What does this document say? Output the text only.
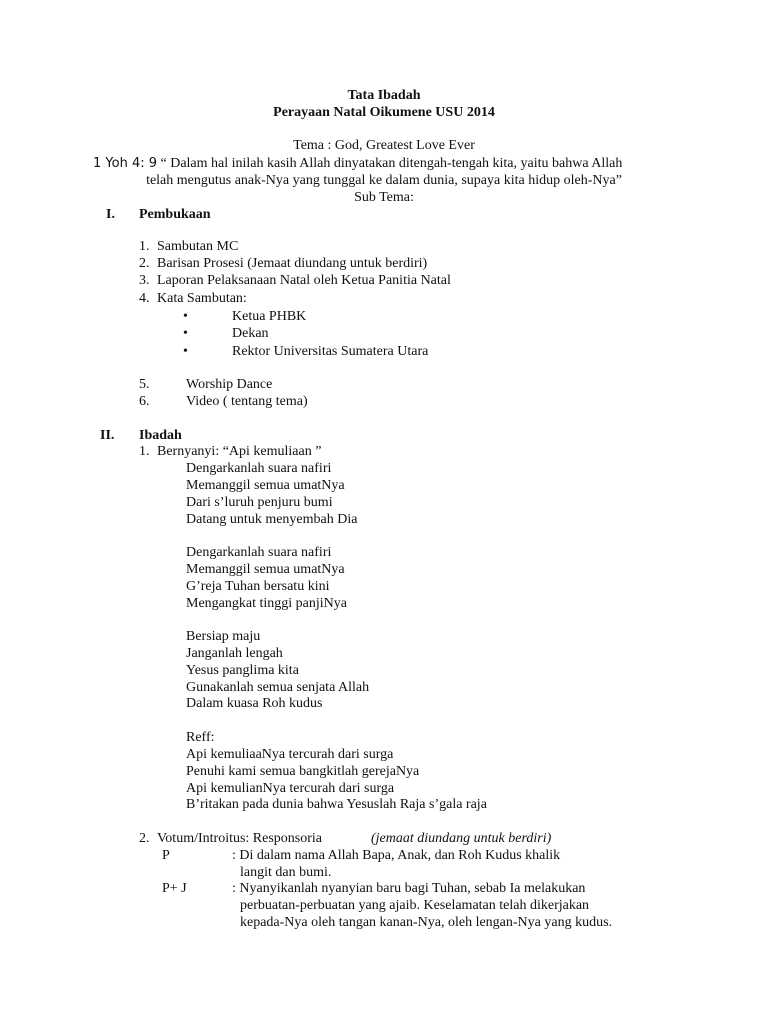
Tata Ibadah
Perayaan Natal Oikumene USU 2014
Tema : God, Greatest Love Ever
1 Yoh 4: 9 “ Dalam hal inilah kasih Allah dinyatakan ditengah-tengah kita, yaitu bahwa Allah
telah mengutus anak-Nya yang tunggal ke dalam dunia, supaya kita hidup oleh-Nya”
Sub Tema:
I. Pembukaan
1. Sambutan MC
2. Barisan Prosesi (Jemaat diundang untuk berdiri)
3. Laporan Pelaksanaan Natal oleh Ketua Panitia Natal
4. Kata Sambutan:
•	Ketua PHBK
•	Dekan
•	Rektor Universitas Sumatera Utara
5.	Worship Dance
6.	Video ( tentang tema)
II. Ibadah
1. Bernyanyi: “Api kemuliaan ”
Dengarkanlah suara nafiri
Memanggil semua umatNya
Dari s’luruh penjuru bumi
Datang untuk menyembah Dia
Dengarkanlah suara nafiri
Memanggil semua umatNya
G’reja Tuhan bersatu kini
Mengangkat tinggi panjiNya
Bersiap maju
Janganlah lengah
Yesus panglima kita
Gunakanlah semua senjata Allah
Dalam kuasa Roh kudus
Reff:
Api kemuliaaNya tercurah dari surga
Penuhi kami semua bangkitlah gerejaNya
Api kemulianNya tercurah dari surga
B’ritakan pada dunia bahwa Yesuslah Raja s’gala raja
2. Votum/Introitus: Responsoria	(jemaat diundang untuk berdiri)
P	: Di dalam nama Allah Bapa, Anak, dan Roh Kudus khalik
langit dan bumi.
P+ J	: Nyanyikanlah nyanyian baru bagi Tuhan, sebab Ia melakukan
perbuatan-perbuatan yang ajaib. Keselamatan telah dikerjakan
kepada-Nya oleh tangan kanan-Nya, oleh lengan-Nya yang kudus.
